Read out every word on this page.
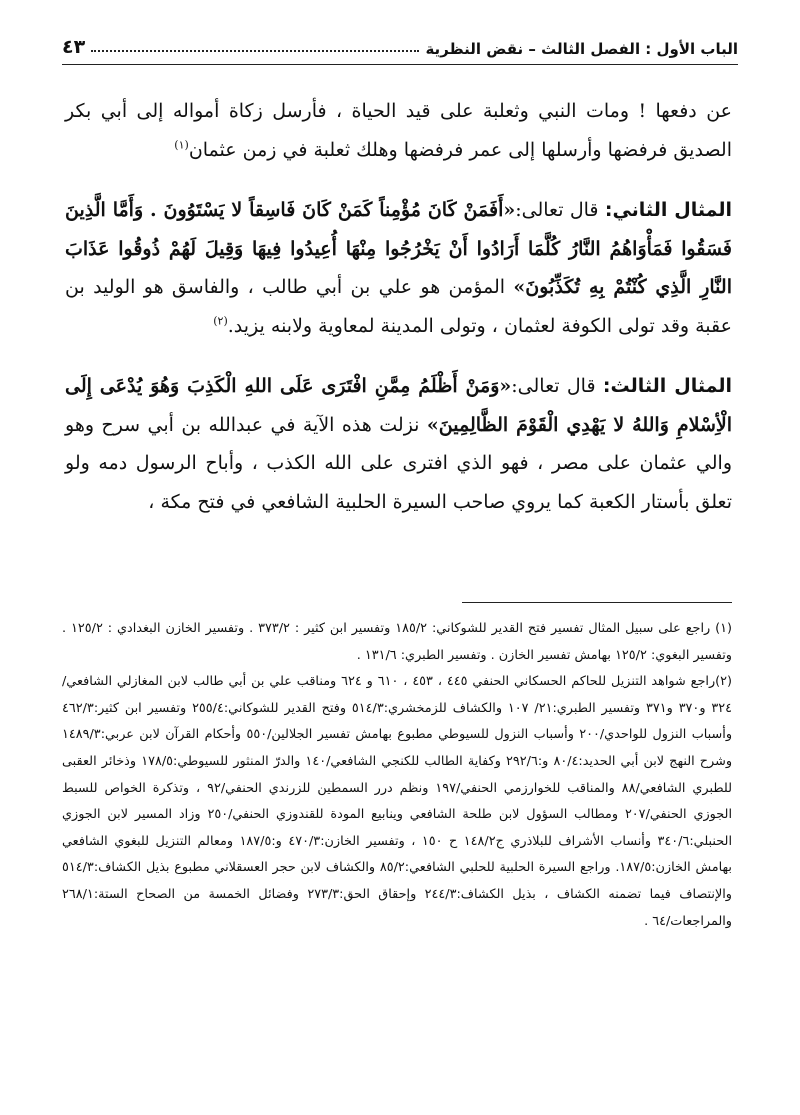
الباب الأول : الفصل الثالث – نقض النظرية
٤٣

عن دفعها ! ومات النبي وثعلبة على قيد الحياة ، فأرسل زكاة أمواله إلى أبي بكر الصديق فرفضها وأرسلها إلى عمر فرفضها وهلك ثعلبة في زمن عثمان$^{(١)}$

المثال الثاني: قال تعالى:«أَفَمَنْ كَانَ مُؤْمِناً كَمَنْ كَانَ فَاسِقاً لا يَسْتَوُونَ . وَأَمَّا الَّذِينَ فَسَقُوا فَمَأْوَاهُمُ النَّارُ كُلَّمَا أَرَادُوا أَنْ يَخْرُجُوا مِنْهَا أُعِيدُوا فِيهَا وَقِيلَ لَهُمْ ذُوقُوا عَذَابَ النَّارِ الَّذِي كُنْتُمْ بِهِ تُكَذِّبُونَ» المؤمن هو علي بن أبي طالب ، والفاسق هو الوليد بن عقبة وقد تولى الكوفة لعثمان ، وتولى المدينة لمعاوية ولابنه يزيد.$^{(٢)}$

المثال الثالث: قال تعالى:«وَمَنْ أَظْلَمُ مِمَّنِ افْتَرَى عَلَى اللهِ الْكَذِبَ وَهُوَ يُدْعَى إِلَى الْأِسْلامِ وَاللهُ لا يَهْدِي الْقَوْمَ الظَّالِمِينَ» نزلت هذه الآية في عبدالله بن أبي سرح وهو والي عثمان على مصر ، فهو الذي افترى على الله الكذب ، وأباح الرسول دمه ولو تعلق بأستار الكعبة كما يروي صاحب السيرة الحلبية الشافعي في فتح مكة ،

(١) راجع على سبيل المثال تفسير فتح القدير للشوكاني: ١٨٥/٢ وتفسير ابن كثير : ٣٧٣/٢ . وتفسير الخازن البغدادي : ١٢٥/٢ . وتفسير البغوي: ١٢٥/٢ بهامش تفسير الخازن . وتفسير الطبري: ١٣١/٦ .

(٢)راجع شواهد التنزيل للحاكم الحسكاني الحنفي ٤٤٥ ، ٤٥٣ ، ٦١٠ و ٦٢٤ ومناقب علي بن أبي طالب لابن المغازلي الشافعي/٣٢٤ و٣٧٠ و٣٧١ وتفسير الطبري:٢١/ ١٠٧ والكشاف للزمخشري:٥١٤/٣ وفتح القدير للشوكاني:٢٥٥/٤ وتفسير ابن كثير:٤٦٢/٣ وأسباب النزول للواحدي/٢٠٠ وأسباب النزول للسيوطي مطبوع بهامش تفسير الجلالين/٥٥٠ وأحكام القرآن لابن عربي:١٤٨٩/٣ وشرح النهج لابن أبي الحديد:٨٠/٤ و:٢٩٢/٦ وكفاية الطالب للكنجي الشافعي/١٤٠ والدرّ المنثور للسيوطي:١٧٨/٥ وذخائر العقبى للطبري الشافعي/٨٨ والمناقب للخوارزمي الحنفي/١٩٧ ونظم درر السمطين للزرندي الحنفي/٩٢ ، وتذكرة الخواص للسبط الجوزي الحنفي/٢٠٧ ومطالب السؤول لابن طلحة الشافعي وينابيع المودة للقندوزي الحنفي/٢٥٠ وزاد المسير لابن الجوزي الحنبلي:٣٤٠/٦ وأنساب الأشراف للبلاذري ج١٤٨/٢ ح ١٥٠ ، وتفسير الخازن:٤٧٠/٣ و:١٨٧/٥ ومعالم التنزيل للبغوي الشافعي بهامش الخازن:١٨٧/٥. وراجع السيرة الحلبية للحلبي الشافعي:٨٥/٢ والكشاف لابن حجر العسقلاني مطبوع بذيل الكشاف:٥١٤/٣ والإنتصاف فيما تضمنه الكشاف ، بذيل الكشاف:٢٤٤/٣ وإحقاق الحق:٢٧٣/٣ وفضائل الخمسة من الصحاح الستة:٢٦٨/١ والمراجعات/٦٤ .
